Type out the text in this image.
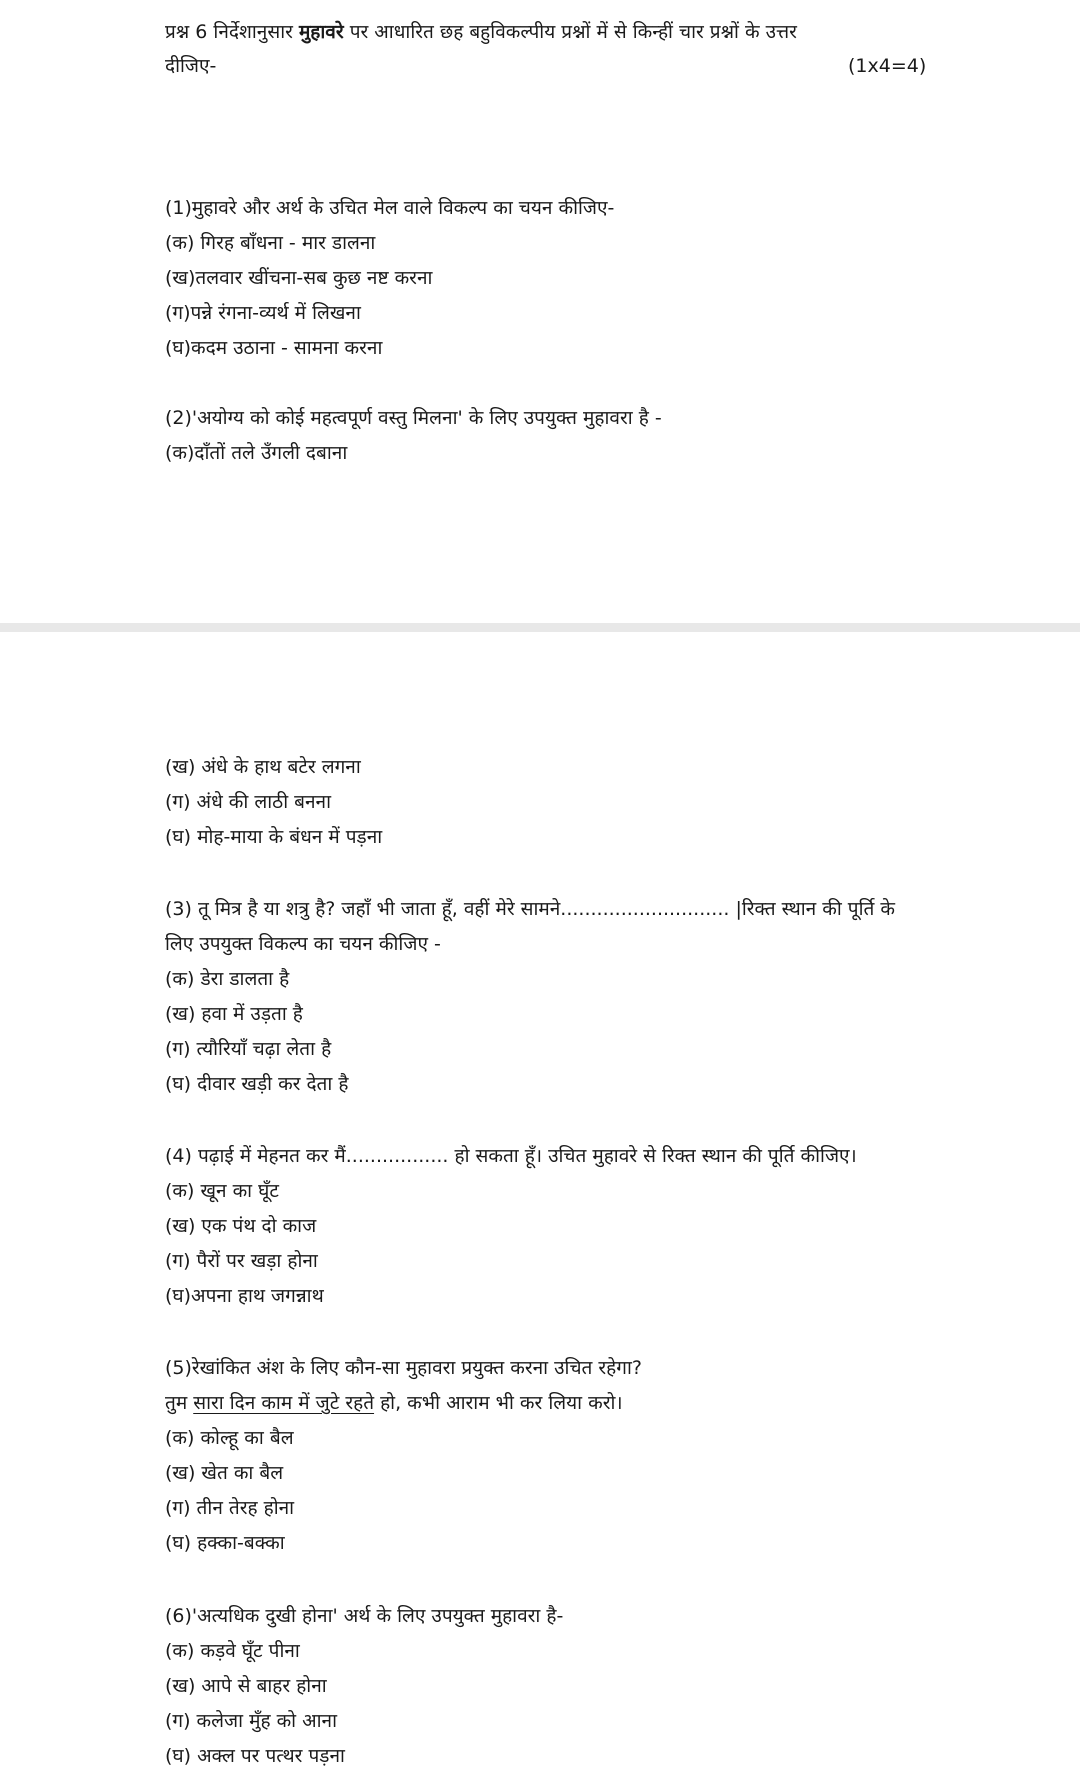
प्रश्न 6 निर्देशानुसार मुहावरे पर आधारित छह बहुविकल्पीय प्रश्नों में से किन्हीं चार प्रश्नों के उत्तर
दीजिए-	(1x4=4)
(1)मुहावरे और अर्थ के उचित मेल वाले विकल्प का चयन कीजिए-
(क) गिरह बाँधना - मार डालना
(ख)तलवार खींचना-सब कुछ नष्ट करना
(ग)पन्ने रंगना-व्यर्थ में लिखना
(घ)कदम उठाना - सामना करना
(2)'अयोग्य को कोई महत्वपूर्ण वस्तु मिलना' के लिए उपयुक्त मुहावरा है -
(क)दाँतों तले उँगली दबाना
(ख) अंधे के हाथ बटेर लगना
(ग) अंधे की लाठी बनना
(घ) मोह-माया के बंधन में पड़ना
(3) तू मित्र है या शत्रु है? जहाँ भी जाता हूँ, वहीं मेरे सामने............................ |रिक्त स्थान की पूर्ति के
लिए उपयुक्त विकल्प का चयन कीजिए -
(क) डेरा डालता है
(ख) हवा में उड़ता है
(ग) त्यौरियाँ चढ़ा लेता है
(घ) दीवार खड़ी कर देता है
(4) पढ़ाई में मेहनत कर मैं................. हो सकता हूँ। उचित मुहावरे से रिक्त स्थान की पूर्ति कीजिए।
(क) खून का घूँट
(ख) एक पंथ दो काज
(ग) पैरों पर खड़ा होना
(घ)अपना हाथ जगन्नाथ
(5)रेखांकित अंश के लिए कौन-सा मुहावरा प्रयुक्त करना उचित रहेगा?
तुम सारा दिन काम में जुटे रहते हो, कभी आराम भी कर लिया करो।
(क) कोल्हू का बैल
(ख) खेत का बैल
(ग) तीन तेरह होना
(घ) हक्का-बक्का
(6)'अत्यधिक दुखी होना' अर्थ के लिए उपयुक्त मुहावरा है-
(क) कड़वे घूँट पीना
(ख) आपे से बाहर होना
(ग) कलेजा मुँह को आना
(घ) अक्ल पर पत्थर पड़ना
